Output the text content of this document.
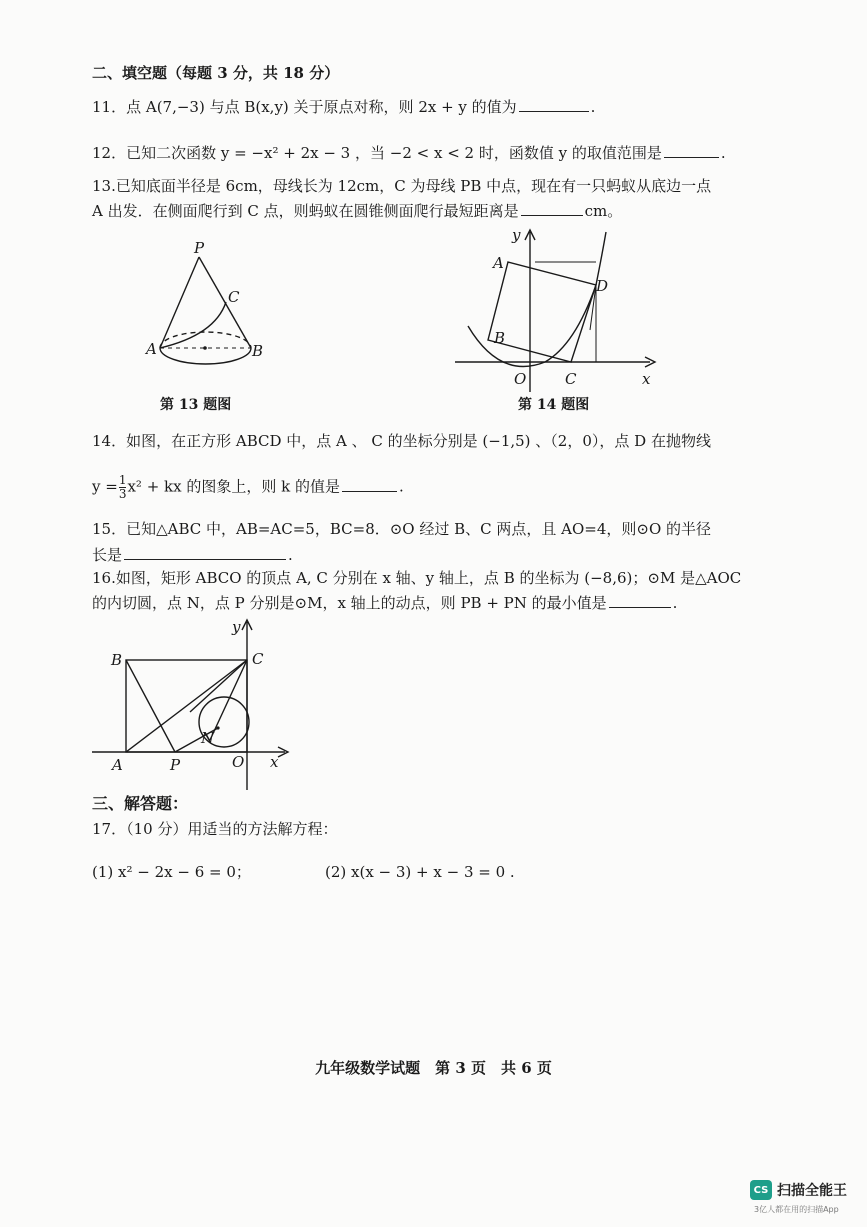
二、填空题（每题 3 分，共 18 分）
11．点 A(7,−3) 与点 B(x,y) 关于原点对称，则 2x + y 的值为	.
12．已知二次函数 y = −x² + 2x − 3 ，当 −2 < x < 2 时，函数值 y 的取值范围是	.
13.已知底面半径是 6cm，母线长为 12cm，C 为母线 PB 中点，现在有一只蚂蚁从底边一点
A 出发．在侧面爬行到 C 点，则蚂蚁在圆锥侧面爬行最短距离是	cm。
P
C
A	B
第 13 题图
y
A
D
B
O	C	x
第 14 题图
14．如图，在正方形 ABCD 中，点 A 、 C 的坐标分别是 (−1,5) 、（2，0），点 D 在抛物线
$y = \frac{1}{3} x^2$ + kx 的图象上，则 k 的值是	.
15．已知△ABC 中，AB=AC=5，BC=8．⊙O 经过 B、C 两点，且 AO=4，则⊙O 的半径
长是	.
16.如图，矩形 ABCO 的顶点 A, C 分别在 x 轴、y 轴上，点 B 的坐标为 (−8,6)；⊙M 是△AOC
的内切圆，点 N，点 P 分别是⊙M，x 轴上的动点，则 PB + PN 的最小值是	.
y
B	C
N
A	P	O x
三、解答题：
17．（10 分）用适当的方法解方程：
(1) x² − 2x − 6 = 0；	(2) x(x − 3) + x − 3 = 0 .
九年级数学试题　第 3 页　共 6 页
CS 扫描全能王
3亿人都在用的扫描App
